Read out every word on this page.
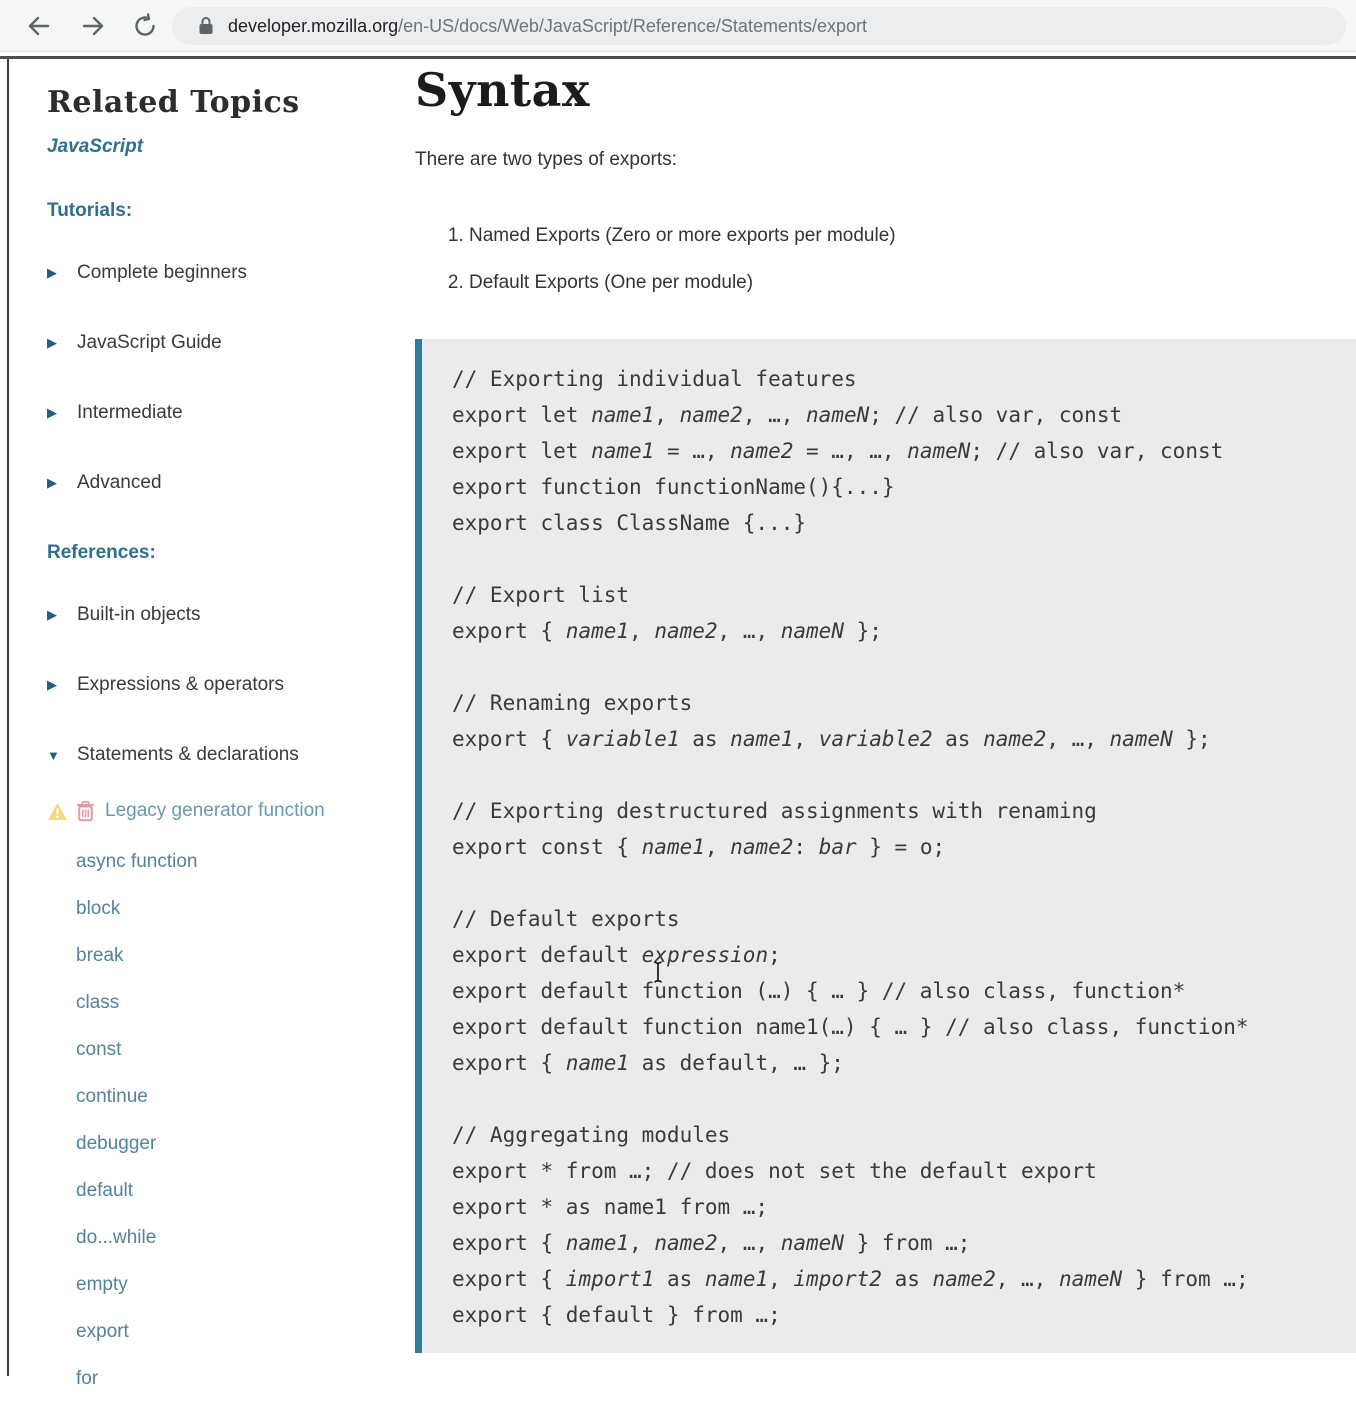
developer.mozilla.org/en-US/docs/Web/JavaScript/Reference/Statements/export
Related Topics
JavaScript
Tutorials:
▶	Complete beginners
▶	JavaScript Guide
▶	Intermediate
▶	Advanced
References:
▶	Built-in objects
▶	Expressions & operators
▼ Statements & declarations
Legacy generator function
async function
block
break
class
const
continue
debugger
default
do...while
empty
export
for
Syntax

There are two types of exports:

1. Named Exports (Zero or more exports per module)
2. Default Exports (One per module)
// Exporting individual features
export let name1, name2, …, nameN; // also var, const
export let name1 = …, name2 = …, …, nameN; // also var, const
export function functionName(){...}
export class ClassName {...}

// Export list
export { name1, name2, …, nameN };

// Renaming exports
export { variable1 as name1, variable2 as name2, …, nameN };

// Exporting destructured assignments with renaming
export const { name1, name2: bar } = o;

// Default exports
export default expression;
export default function (…) { … } // also class, function*
export default function name1(…) { … } // also class, function*
export { name1 as default, … };

// Aggregating modules
export * from …; // does not set the default export
export * as name1 from …;
export { name1, name2, …, nameN } from …;
export { import1 as name1, import2 as name2, …, nameN } from …;
export { default } from …;
